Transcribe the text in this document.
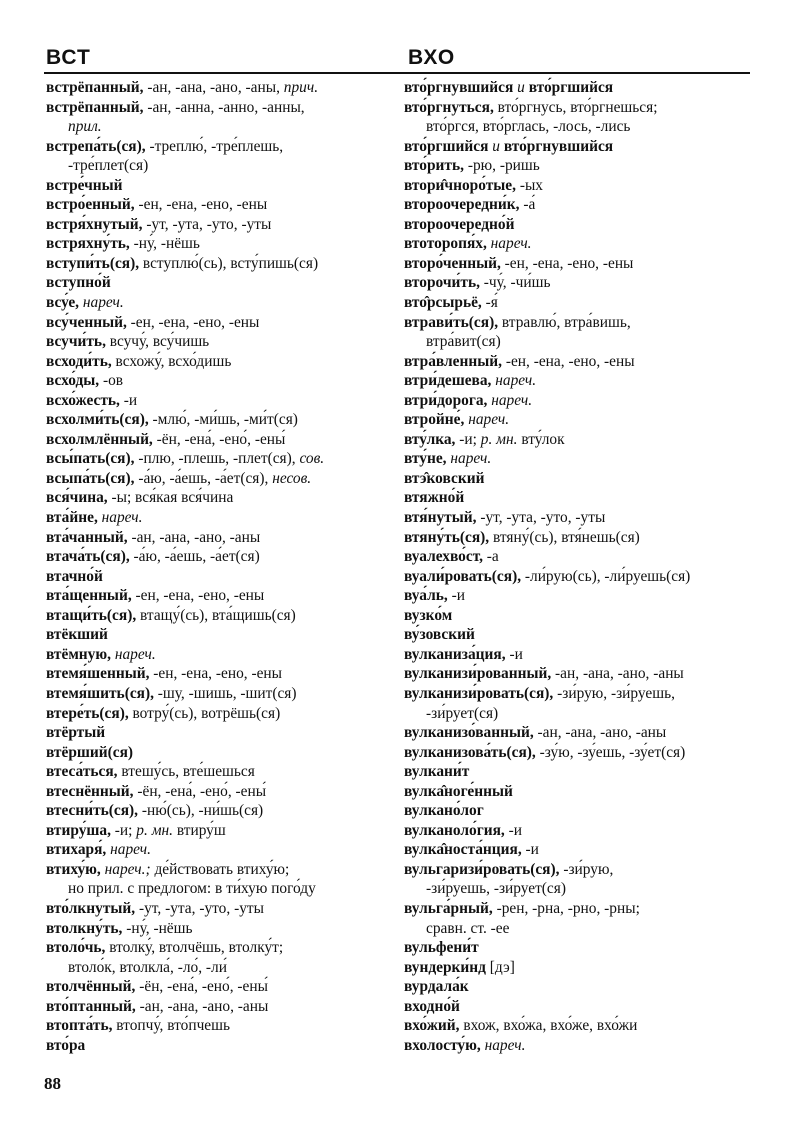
ВСТ	ВХО
встрёпанный, -ан, -ана, -ано, -аны, прич.
встрёпанный, -ан, -анна, -анно, -анны,
прил.
встрепа́ть(ся), -треплю́, -тре́плешь,
-тре́плет(ся)
встре́чный
встро́енный, -ен, -ена, -ено, -ены
встря́хнутый, -ут, -ута, -уто, -уты
встряхну́ть, -ну́, -нёшь
вступи́ть(ся), вступлю́(сь), всту́пишь(ся)
вступно́й
всу́е, нареч.
всу́ченный, -ен, -ена, -ено, -ены
всучи́ть, всучу́, всу́чишь
всходи́ть, всхожу́, всхо́дишь
всхо́ды, -ов
всхо́жесть, -и
всхолми́ть(ся), -млю́, -ми́шь, -ми́т(ся)
всхолмлённый, -ён, -ена́, -ено́, -ены́
всы́пать(ся), -плю, -плешь, -плет(ся), сов.
всыпа́ть(ся), -а́ю, -а́ешь, -а́ет(ся), несов.
вся́чина, -ы; вся́кая вся́чина
вта́йне, нареч.
вта́чанный, -ан, -ана, -ано, -аны
втача́ть(ся), -а́ю, -а́ешь, -а́ет(ся)
втачно́й
вта́щенный, -ен, -ена, -ено, -ены
втащи́ть(ся), втащу́(сь), вта́щишь(ся)
втёкший
втёмную, нареч.
втемя́шенный, -ен, -ена, -ено, -ены
втемя́шить(ся), -шу, -шишь, -шит(ся)
втере́ть(ся), вотру́(сь), вотрёшь(ся)
втёртый
втёрший(ся)
втеса́ться, втешу́сь, вте́шешься
втеснённый, -ён, -ена́, -ено́, -ены́
втесни́ть(ся), -ню́(сь), -ни́шь(ся)
втиру́ша, -и; р. мн. втиру́ш
втихаря́, нареч.
втиху́ю, нареч.; де́йствовать втиху́ю;
но прил. с предлогом: в ти́хую пого́ду
вто́лкнутый, -ут, -ута, -уто, -уты
втолкну́ть, -ну́, -нёшь
втоло́чь, втолку́, втолчёшь, втолку́т;
втоло́к, втолкла́, -ло́, -ли́
втолчённый, -ён, -ена́, -ено́, -ены́
вто́птанный, -ан, -ана, -ано, -аны
втопта́ть, втопчу́, вто́пчешь
вто́ра
вто́ргнувшийся и вто́ргшийся
вто́ргнуться, вто́ргнусь, вто́ргнешься;
вто́ргся, вто́рглась, -лось, -лись
вто́ргшийся и вто́ргнувшийся
вто́рить, -рю, -ришь
втори̂чноро́тые, -ых
второочередни́к, -а́
второочередно́й
втоторопя́х, нареч.
второ́ченный, -ен, -ена, -ено, -ены
второчи́ть, -чу́, -чи́шь
вто̂рсырьё, -я́
втрави́ть(ся), втравлю́, втра́вишь,
втра́вит(ся)
втра́вленный, -ен, -ена, -ено, -ены
втри́дешева, нареч.
втри́дорога, нареч.
втройне́, нареч.
вту́лка, -и; р. мн. вту́лок
вту́не, нареч.
втэ̂ковский
втяжно́й
втя́нутый, -ут, -ута, -уто, -уты
втяну́ть(ся), втяну́(сь), втя́нешь(ся)
вуалехво́ст, -а
вуали́ровать(ся), -ли́рую(сь), -ли́руешь(ся)
вуа́ль, -и
вузко́м
ву́зовский
вулканиза́ция, -и
вулканизи́рованный, -ан, -ана, -ано, -аны
вулканизи́ровать(ся), -зи́рую, -зи́руешь,
-зи́рует(ся)
вулканизо́ванный, -ан, -ана, -ано, -аны
вулканизова́ть(ся), -зу́ю, -зу́ешь, -зу́ет(ся)
вулкани́т
вулка̂ноге́нный
вулкано́лог
вулканоло́гия, -и
вулка̂носта́нция, -и
вульгаризи́ровать(ся), -зи́рую,
-зи́руешь, -зи́рует(ся)
вульга́рный, -рен, -рна, -рно, -рны;
сравн. ст. -ее
вульфени́т
вундерки́нд [дэ]
вурдала́к
входно́й
вхо́жий, вхож, вхо́жа, вхо́же, вхо́жи
вхолосту́ю, нареч.
88
